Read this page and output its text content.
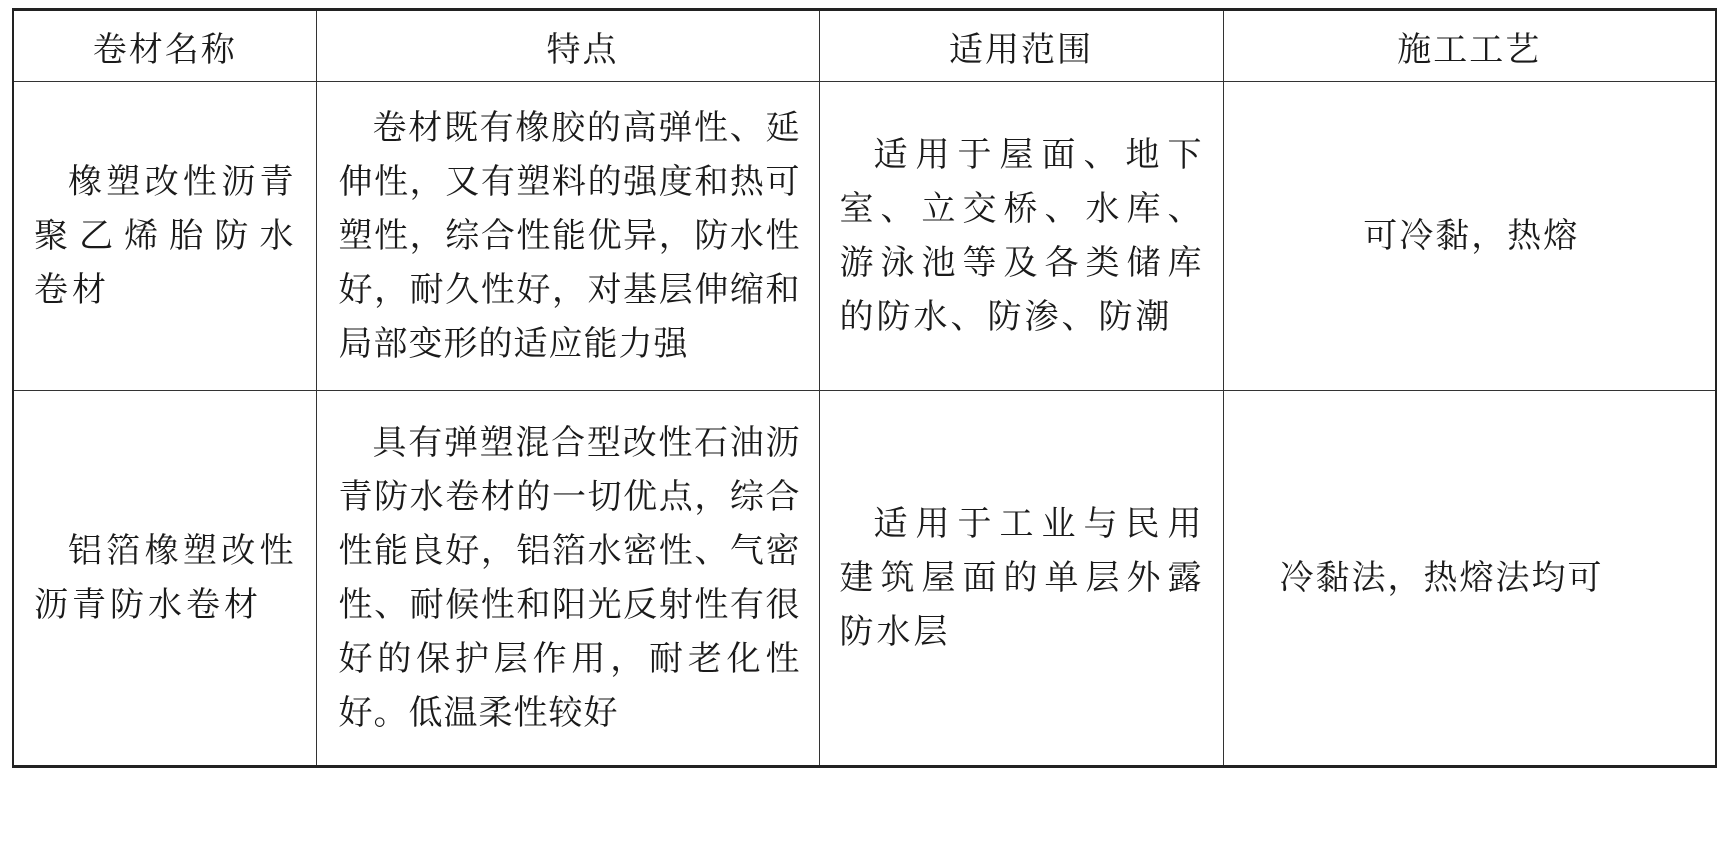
卷材名称	特点	适用范围	施工工艺
橡塑改性沥青聚乙烯胎防水卷材	卷材既有橡胶的高弹性、延伸性，又有塑料的强度和热可塑性，综合性能优异，防水性好，耐久性好，对基层伸缩和局部变形的适应能力强	适用于屋面、地下室、立交桥、水库、游泳池等及各类储库的防水、防渗、防潮	可冷黏，热熔
铝箔橡塑改性沥青防水卷材	具有弹塑混合型改性石油沥青防水卷材的一切优点，综合性能良好，铝箔水密性、气密性、耐候性和阳光反射性有很好的保护层作用，耐老化性好。低温柔性较好	适用于工业与民用建筑屋面的单层外露防水层	冷黏法，热熔法均可
